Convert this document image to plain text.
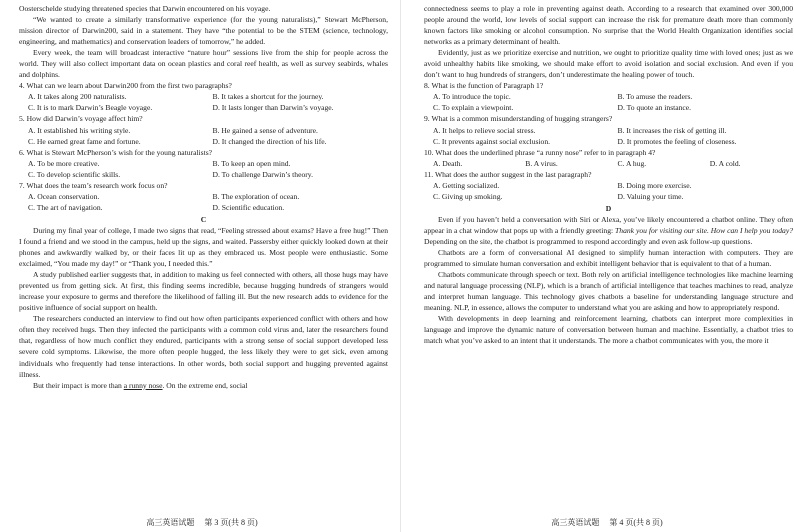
Oosterschelde studying threatened species that Darwin encountered on his voyage.

“We wanted to create a similarly transformative experience (for the young naturalists),” Stewart McPherson, mission director of Darwin200, said in a statement. They have “the potential to be the STEM (science, technology, engineering, and mathematics) and conservation leaders of tomorrow,” he added.

Every week, the team will broadcast interactive “nature hour” sessions live from the ship for people across the world. They will also collect important data on ocean plastics and coral reef health, as well as survey seabirds, whales and dolphins.

4. What can we learn about Darwin200 from the first two paragraphs?

A. It takes along 200 naturalists.	B. It takes a shortcut for the journey.
C. It is to mark Darwin’s Beagle voyage.	D. It lasts longer than Darwin’s voyage.

5. How did Darwin’s voyage affect him?

A. It established his writing style.	B. He gained a sense of adventure.
C. He earned great fame and fortune.	D. It changed the direction of his life.

6. What is Stewart McPherson’s wish for the young naturalists?

A. To be more creative.	B. To keep an open mind.
C. To develop scientific skills.	D. To challenge Darwin’s theory.

7. What does the team’s research work focus on?

A. Ocean conservation.	B. The exploration of ocean.
C. The art of navigation.	D. Scientific education.

C

During my final year of college, I made two signs that read, “Feeling stressed about exams? Have a free hug!” Then I found a friend and we stood in the campus, held up the signs, and waited. Passersby either quickly looked down at their phones and awkwardly walked by, or their faces lit up as they embraced us. Most people were enthusiastic. Some exclaimed, “You made my day!” or “Thank you, I needed this.”

A study published earlier suggests that, in addition to making us feel connected with others, all those hugs may have prevented us from getting sick. At first, this finding seems incredible, because hugging hundreds of strangers would increase your exposure to germs and therefore the likelihood of falling ill. But the new research adds to evidence for the positive influence of social support on health.

The researchers conducted an interview to find out how often participants experienced conflict with others and how often they received hugs. Then they infected the participants with a common cold virus and, later the researchers found that, regardless of how much conflict they endured, participants with a strong sense of social support developed less severe cold symptoms. Likewise, the more often people hugged, the less likely they were to get sick, even among individuals who frequently had tense interactions. In other words, both social support and hugging prevented against illness.

But their impact is more than a runny nose. On the extreme end, social

高三英语试题 第 3 页(共 8 页)

connectedness seems to play a role in preventing against death. According to a research that examined over 300,000 people around the world, low levels of social support can increase the risk for premature death more than commonly known factors like smoking or alcohol consumption. No surprise that the World Health Organization identifies social networks as a primary determinant of health.

Evidently, just as we prioritize exercise and nutrition, we ought to prioritize quality time with loved ones; just as we avoid unhealthy habits like smoking, we should make effort to avoid isolation and social exclusion. And even if you don’t want to hug hundreds of strangers, don’t underestimate the healing power of touch.

8. What is the function of Paragraph 1?

A. To introduce the topic.	B. To amuse the readers.
C. To explain a viewpoint.	D. To quote an instance.

9. What is a common misunderstanding of hugging strangers?

A. It helps to relieve social stress.	B. It increases the risk of getting ill.
C. It prevents against social exclusion.	D. It promotes the feeling of closeness.

10. What does the underlined phrase “a runny nose” refer to in paragraph 4?

A. Death.	B. A virus.	C. A hug.	D. A cold.

11. What does the author suggest in the last paragraph?

A. Getting socialized.	B. Doing more exercise.
C. Giving up smoking.	D. Valuing your time.

D

Even if you haven’t held a conversation with Siri or Alexa, you’ve likely encountered a chatbot online. They often appear in a chat window that pops up with a friendly greeting: Thank you for visiting our site. How can I help you today? Depending on the site, the chatbot is programmed to respond accordingly and even ask follow-up questions.

Chatbots are a form of conversational AI designed to simplify human interaction with computers. They are programmed to simulate human conversation and exhibit intelligent behavior that is equivalent to that of a human.

Chatbots communicate through speech or text. Both rely on artificial intelligence technologies like machine learning and natural language processing (NLP), which is a branch of artificial intelligence that teaches machines to read, analyze and interpret human language. This technology gives chatbots a baseline for understanding language structure and meaning. NLP, in essence, allows the computer to understand what you are asking and how to appropriately respond.

With developments in deep learning and reinforcement learning, chatbots can interpret more complexities in language and improve the dynamic nature of conversation between human and machine. Essentially, a chatbot tries to match what you’ve asked to an intent that it understands. The more a chatbot communicates with you, the more it

高三英语试题 第 4 页(共 8 页)
